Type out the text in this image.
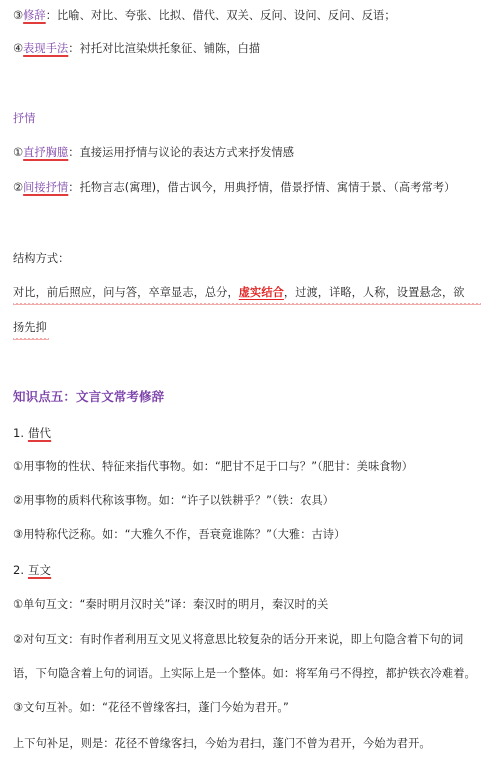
③修辞：比喻、对比、夸张、比拟、借代、双关、反问、设问、反问、反语；
④表现手法：衬托对比渲染烘托象征、铺陈，白描
抒情
①直抒胸臆：直接运用抒情与议论的表达方式来抒发情感
②间接抒情：托物言志(寓理)，借古讽今，用典抒情，借景抒情、寓情于景、（高考常考）
结构方式：
对比，前后照应，问与答，卒章显志，总分，虚实结合，过渡，详略，人称，设置悬念，欲
扬先抑
知识点五：文言文常考修辞
1. 借代
①用事物的性状、特征来指代事物。如：“肥甘不足于口与？”（肥甘：美味食物）
②用事物的质料代称该事物。如：“许子以铁耕乎？”（铁：农具）
③用特称代泛称。如：“大雅久不作，吾衰竟谁陈？”（大雅：古诗）
2. 互文
①单句互文：“秦时明月汉时关”译：秦汉时的明月，秦汉时的关
②对句互文：有时作者利用互文见义将意思比较复杂的话分开来说，即上句隐含着下句的词
语，下句隐含着上句的词语。上实际上是一个整体。如：将军角弓不得控，都护铁衣冷难着。
③文句互补。如：“花径不曾缘客扫，蓬门今始为君开。”
上下句补足，则是：花径不曾缘客扫，今始为君扫，蓬门不曾为君开，今始为君开。
